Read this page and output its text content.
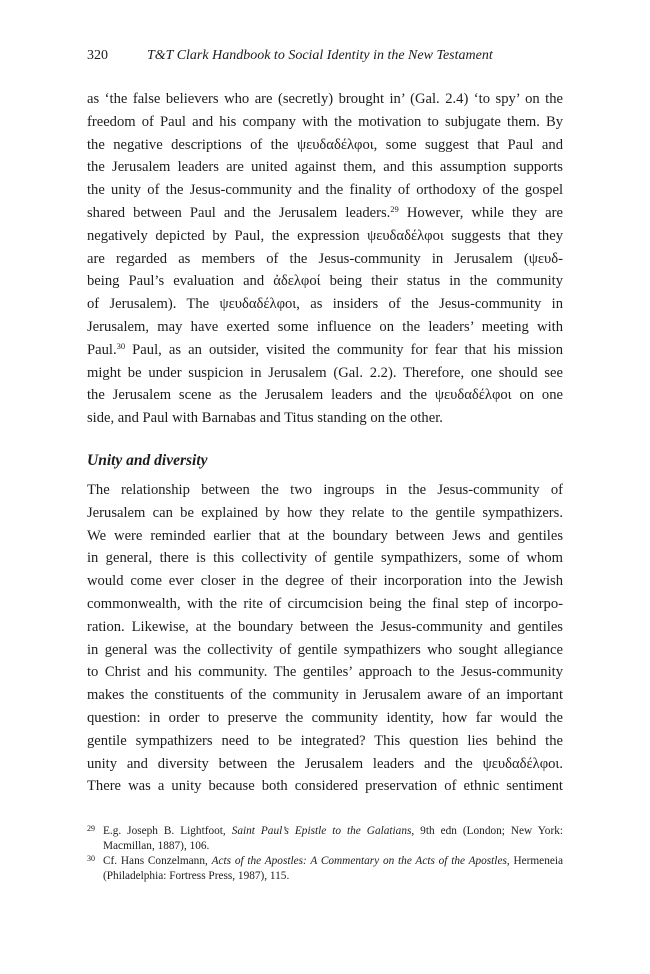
320	T&T Clark Handbook to Social Identity in the New Testament
as ‘the false believers who are (secretly) brought in’ (Gal. 2.4) ‘to spy’ on the
freedom of Paul and his company with the motivation to subjugate them. By
the negative descriptions of the ψευδαδέλφοι, some suggest that Paul and
the Jerusalem leaders are united against them, and this assumption supports
the unity of the Jesus-community and the finality of orthodoxy of the gospel
shared between Paul and the Jerusalem leaders.$^{29}$ However, while they are
negatively depicted by Paul, the expression ψευδαδέλφοι suggests that they
are regarded as members of the Jesus-community in Jerusalem (ψευδ-
being Paul’s evaluation and ἀδελφοί being their status in the community
of Jerusalem). The ψευδαδέλφοι, as insiders of the Jesus-community in
Jerusalem, may have exerted some influence on the leaders’ meeting with
Paul.$^{30}$ Paul, as an outsider, visited the community for fear that his mission
might be under suspicion in Jerusalem (Gal. 2.2). Therefore, one should see
the Jerusalem scene as the Jerusalem leaders and the ψευδαδέλφοι on one
side, and Paul with Barnabas and Titus standing on the other.
Unity and diversity
The relationship between the two ingroups in the Jesus-community of
Jerusalem can be explained by how they relate to the gentile sympathizers.
We were reminded earlier that at the boundary between Jews and gentiles
in general, there is this collectivity of gentile sympathizers, some of whom
would come ever closer in the degree of their incorporation into the Jewish
commonwealth, with the rite of circumcision being the final step of incorpo-
ration. Likewise, at the boundary between the Jesus-community and gentiles
in general was the collectivity of gentile sympathizers who sought allegiance
to Christ and his community. The gentiles’ approach to the Jesus-community
makes the constituents of the community in Jerusalem aware of an important
question: in order to preserve the community identity, how far would the
gentile sympathizers need to be integrated? This question lies behind the
unity and diversity between the Jerusalem leaders and the ψευδαδέλφοι.
There was a unity because both considered preservation of ethnic sentiment
29 E.g. Joseph B. Lightfoot, Saint Paul’s Epistle to the Galatians, 9th edn (London; New York:
Macmillan, 1887), 106.
30 Cf. Hans Conzelmann, Acts of the Apostles: A Commentary on the Acts of the Apostles, Hermeneia
(Philadelphia: Fortress Press, 1987), 115.
